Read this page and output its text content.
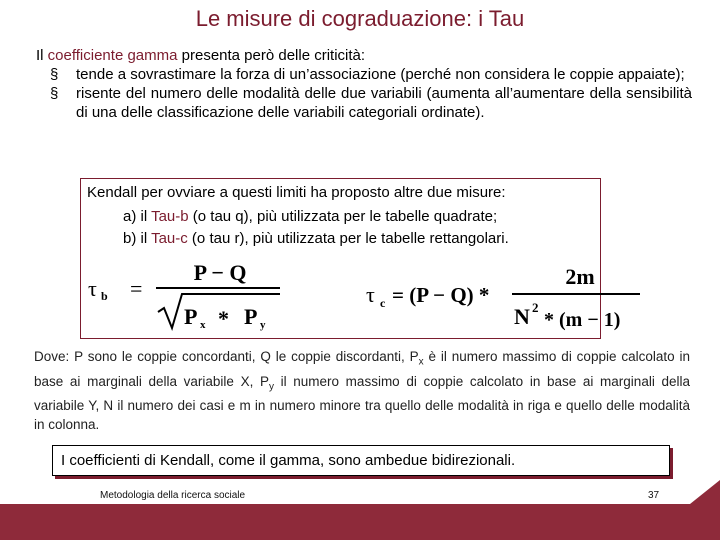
Le misure di cograduazione: i Tau

Il coefficiente gamma presenta però delle criticità:

§	tende a sovrastimare la forza di un’associazione (perché non considera le coppie appaiate);
§	risente del numero delle modalità delle due variabili (aumenta all’aumentare della sensibilità di una delle classificazione delle variabili categoriali ordinate).
Kendall per ovviare a questi limiti ha proposto altre due misure:
a) il Tau-b (o tau q), più utilizzata per le tabelle quadrate;
b) il Tau-c (o tau r), più utilizzata per le tabelle rettangolari.
τ b =
P − Q
P x * P y
τ c = (P − Q) *
2m
N 2
* (m − 1)
Dove: P sono le coppie concordanti, Q le coppie discordanti, $P_x$ è il numero massimo di coppie calcolato in base ai marginali della variabile X, $P_y$ il numero massimo di coppie calcolato in base ai marginali della variabile Y, N il numero dei casi e m in numero minore tra quello delle modalità in riga e quello delle modalità in colonna.
I coefficienti di Kendall, come il gamma, sono ambedue bidirezionali.
Metodologia della ricerca sociale	37
